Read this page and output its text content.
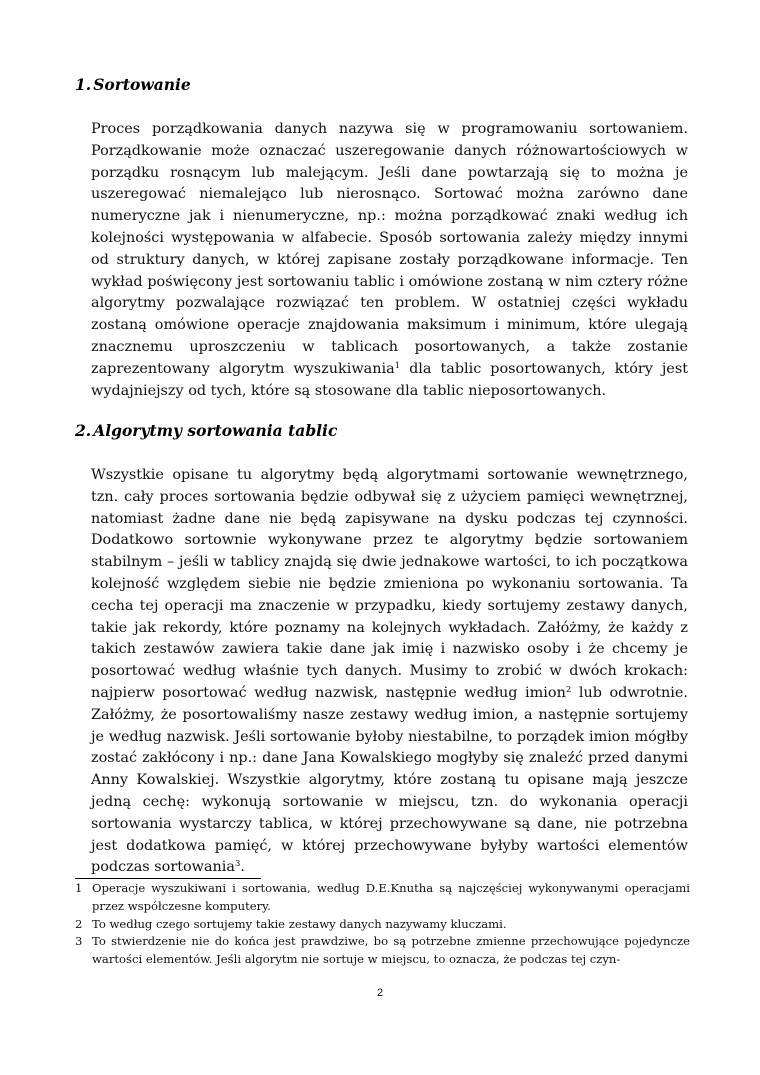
1. Sortowanie

Proces porządkowania danych nazywa się w programowaniu sortowaniem. Porządkowanie może oznaczać uszeregowanie danych różnowartościowych w porządku rosnącym lub malejącym. Jeśli dane powtarzają się to można je uszeregować niemalejąco lub nierosnąco. Sortować można zarówno dane numeryczne jak i nienumeryczne, np.: można porządkować znaki według ich kolejności występowania w alfabecie. Sposób sortowania zależy między innymi od struktury danych, w której zapisane zostały porządkowane informacje. Ten wykład poświęcony jest sortowaniu tablic i omówione zostaną w nim cztery różne algorytmy pozwalające rozwiązać ten problem. W ostatniej części wykładu zostaną omówione operacje znajdowania maksimum i minimum, które ulegają znacznemu uproszczeniu w tablicach posortowanych, a także zostanie zaprezentowany algorytm wyszukiwania$^1$ dla tablic posortowanych, który jest wydajniejszy od tych, które są stosowane dla tablic nieposortowanych.

2. Algorytmy sortowania tablic

Wszystkie opisane tu algorytmy będą algorytmami sortowanie wewnętrznego, tzn. cały proces sortowania będzie odbywał się z użyciem pamięci wewnętrznej, natomiast żadne dane nie będą zapisywane na dysku podczas tej czynności. Dodatkowo sortownie wykonywane przez te algorytmy będzie sortowaniem stabilnym – jeśli w tablicy znajdą się dwie jednakowe wartości, to ich początkowa kolejność względem siebie nie będzie zmieniona po wykonaniu sortowania. Ta cecha tej operacji ma znaczenie w przypadku, kiedy sortujemy zestawy danych, takie jak rekordy, które poznamy na kolejnych wykładach. Załóżmy, że każdy z takich zestawów zawiera takie dane jak imię i nazwisko osoby i że chcemy je posortować według właśnie tych danych. Musimy to zrobić w dwóch krokach: najpierw posortować według nazwisk, następnie według imion$^2$ lub odwrotnie. Załóżmy, że posortowaliśmy nasze zestawy według imion, a następnie sortujemy je według nazwisk. Jeśli sortowanie byłoby niestabilne, to porządek imion mógłby zostać zakłócony i np.: dane Jana Kowalskiego mogłyby się znaleźć przed danymi Anny Kowalskiej. Wszystkie algorytmy, które zostaną tu opisane mają jeszcze jedną cechę: wykonują sortowanie w miejscu, tzn. do wykonania operacji sortowania wystarczy tablica, w której przechowywane są dane, nie potrzebna jest dodatkowa pamięć, w której przechowywane byłyby wartości elementów podczas sortowania$^3$.

1 Operacje wyszukiwani i sortowania, według D.E.Knutha są najczęściej wykonywanymi operacjami przez współczesne komputery.
2 To według czego sortujemy takie zestawy danych nazywamy kluczami.
3 To stwierdzenie nie do końca jest prawdziwe, bo są potrzebne zmienne przechowujące pojedyncze wartości elementów. Jeśli algorytm nie sortuje w miejscu, to oznacza, że podczas tej czyn-
2
